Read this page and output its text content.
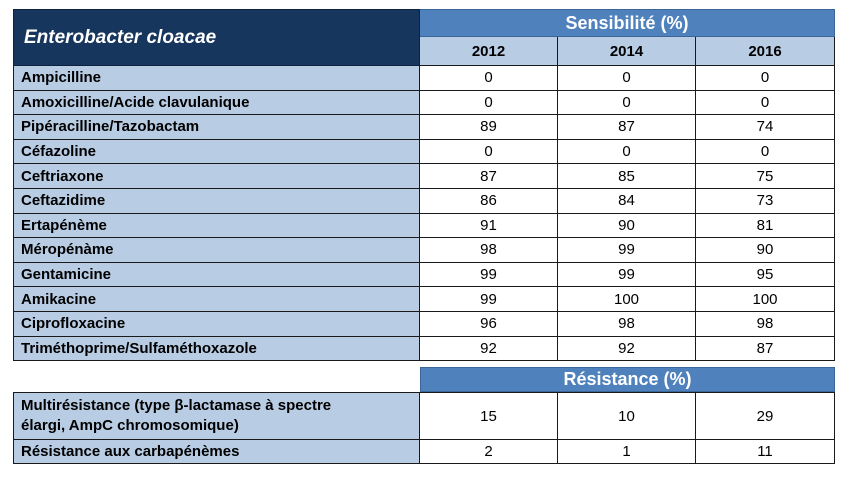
Enterobacter cloacae
Sensibilité (%)
2012	2014	2016
Ampicilline	0	0	0
Amoxicilline/Acide clavulanique	0	0	0
Pipéracilline/Tazobactam	89	87	74
Céfazoline	0	0	0
Ceftriaxone	87	85	75
Ceftazidime	86	84	73
Ertapénème	91	90	81
Méropénàme	98	99	90
Gentamicine	99	99	95
Amikacine	99	100	100
Ciprofloxacine	96	98	98
Triméthoprime/Sulfaméthoxazole	92	92	87
Résistance (%)
Multirésistance (type β-lactamase à spectre
élargi, AmpC chromosomique)
15	10	29
Résistance aux carbapénèmes	2	1	11
